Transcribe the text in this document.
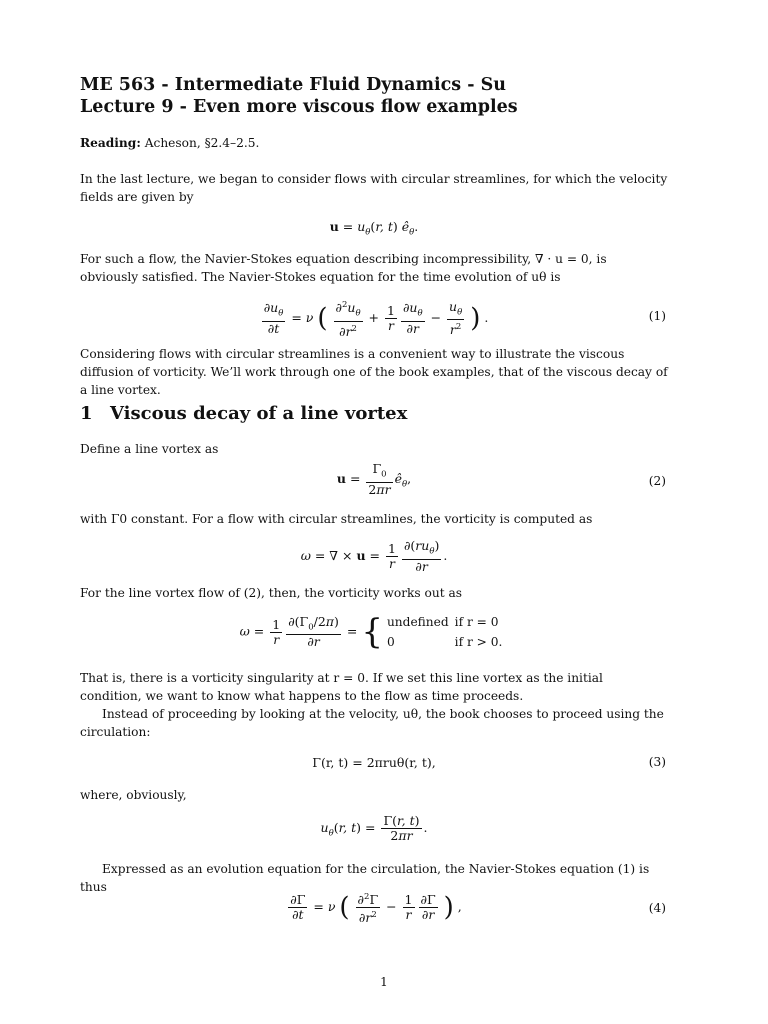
ME 563 - Intermediate Fluid Dynamics - Su

Lecture 9 - Even more viscous flow examples

Reading: Acheson, §2.4–2.5.

In the last lecture, we began to consider flows with circular streamlines, for which the velocity fields are given by

$u = u_\theta(r$, t) $ê_\theta$.

For such a flow, the Navier-Stokes equation describing incompressibility, ∇ · u = 0, is obviously satisfied. The Navier-Stokes equation for the time evolution of uθ is

$\frac{\partial u_\theta}{\partial t} = \nu$ ( $\frac{\partial^2u_\theta}{\partial r^2} + \frac{1}{r} \frac{\partial u_\theta}{\partial r} - \frac{u_\theta}{r^2}$ ) .	(1)

Considering flows with circular streamlines is a convenient way to illustrate the viscous diffusion of vorticity. We’ll work through one of the book examples, that of the viscous decay of a line vortex.

1 Viscous decay of a line vortex

Define a line vortex as

$u = \frac{\Gamma_0}{2\pi r}$ $ê_\theta$,	(2)

with Γ0 constant. For a flow with circular streamlines, the vorticity is computed as

ω = ∇ × $u = \frac{1}{r} \frac{\partial(ru_\theta)}{\partial r}$ .

For the line vortex flow of (2), then, the vorticity works out as

$\omega = \frac{1}{r} \frac{\partial(\Gamma_0/2\pi)}{\partial r}$ = { undefined	if r = 0
0	if r > 0.

That is, there is a vorticity singularity at r = 0. If we set this line vortex as the initial condition, we want to know what happens to the flow as time proceeds.

Instead of proceeding by looking at the velocity, uθ, the book chooses to proceed using the circulation:

Γ(r, t) = 2πruθ(r, t),	(3)

where, obviously,

$u_\theta(r$, $t) = \frac{\Gamma(r, t)}{2\pi r}$ .

Expressed as an evolution equation for the circulation, the Navier-Stokes equation (1) is thus

$\frac{\partial\Gamma}{\partial t} = \nu$ ( $\frac{\partial^2\Gamma}{\partial r^2} - \frac{1}{r} \frac{\partial\Gamma}{\partial r}$ ) ,	(4)
1
